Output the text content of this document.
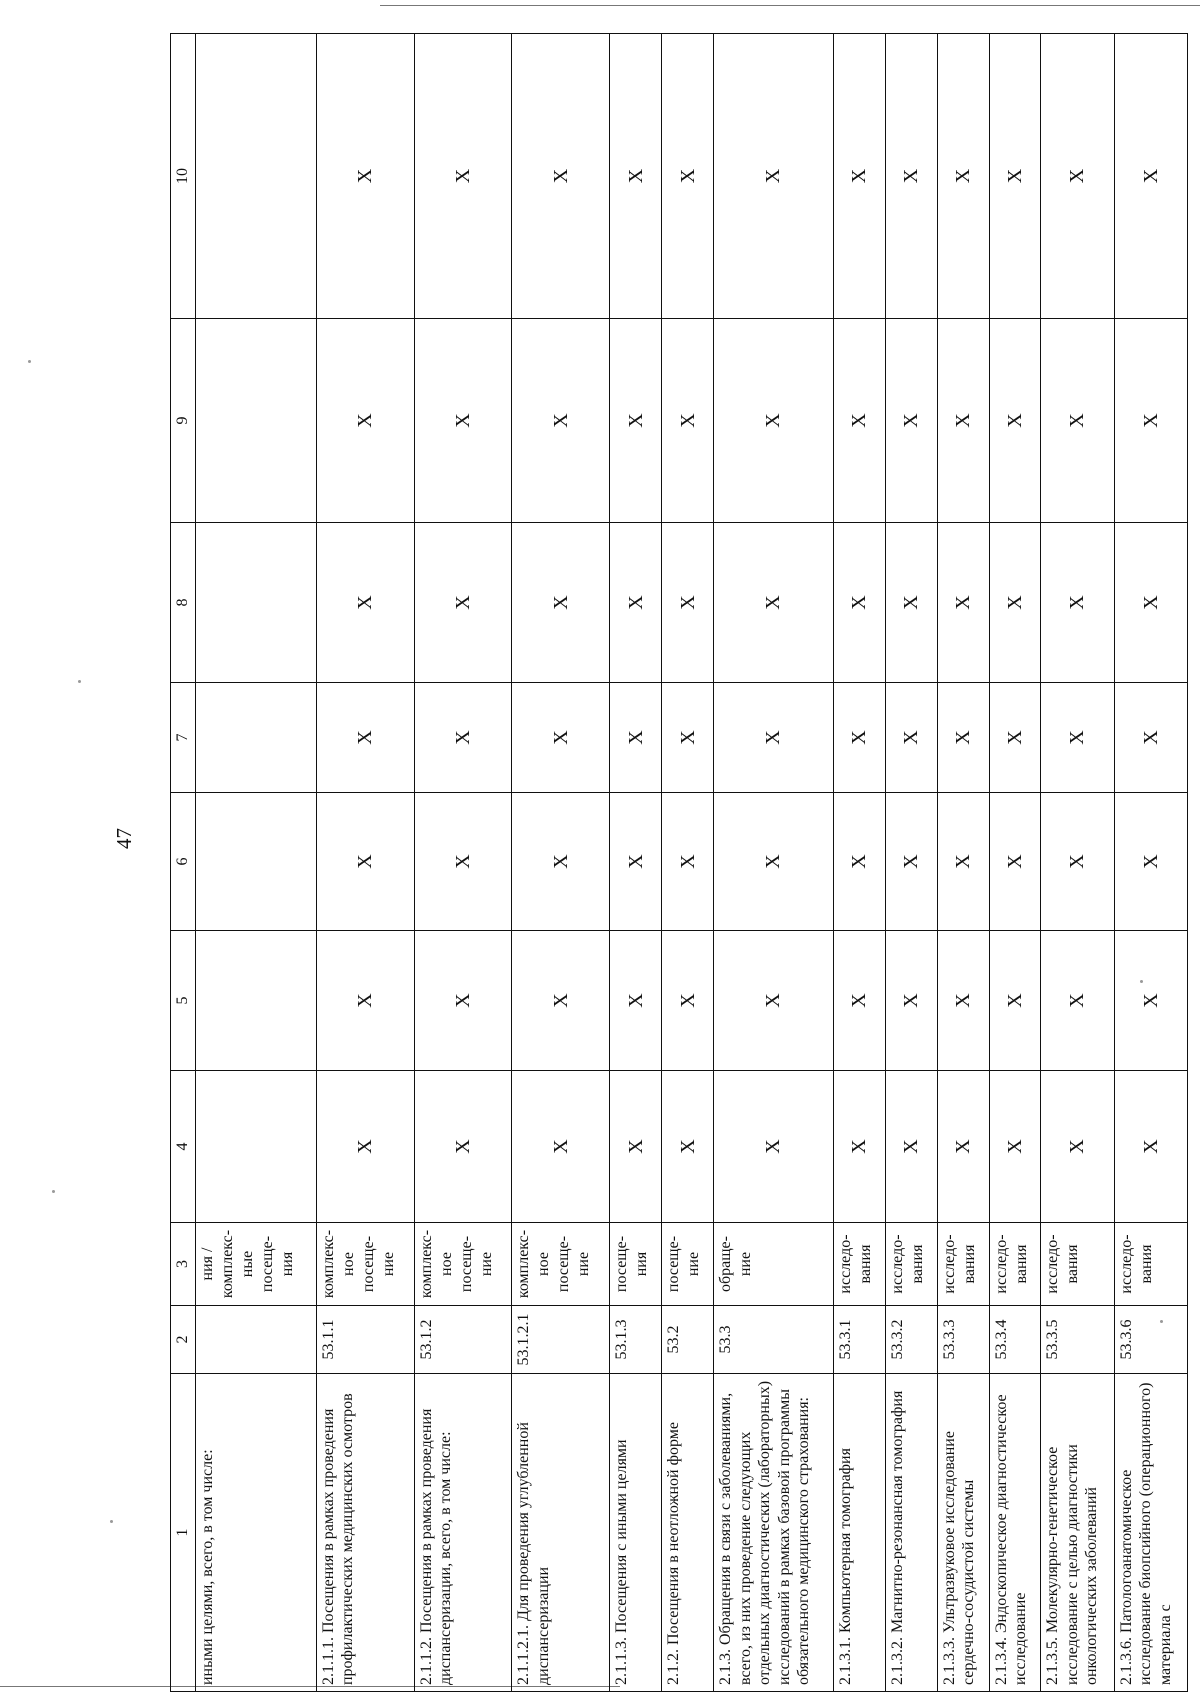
47
1	2	3	4	5	6	7	8	9	10
иными целями, всего, в том числе:		ния / комплекс-ные посеще-ния							
2.1.1.1. Посещения в рамках проведения профилактических медицинских осмотров	53.1.1	комплекс-ное посеще-ние	X	X	X	X	X	X	X
2.1.1.2. Посещения в рамках проведения диспансеризации, всего, в том числе:	53.1.2	комплекс-ное посеще-ние	X	X	X	X	X	X	X
2.1.1.2.1. Для проведения углубленной диспансеризации	53.1.2.1	комплекс-ное посеще-ние	X	X	X	X	X	X	X
2.1.1.3. Посещения с иными целями	53.1.3	посеще-ния	X	X	X	X	X	X	X
2.1.2. Посещения в неотложной форме	53.2	посеще-ние	X	X	X	X	X	X	X
2.1.3. Обращения в связи с заболеваниями, всего, из них проведение следующих отдельных диагностических (лабораторных) исследований в рамках базовой программы обязательного медицинского страхования:	53.3	обраще-ние	X	X	X	X	X	X	X
2.1.3.1. Компьютерная томография	53.3.1	исследо-вания	X	X	X	X	X	X	X
2.1.3.2. Магнитно-резонансная томография	53.3.2	исследо-вания	X	X	X	X	X	X	X
2.1.3.3. Ультразвуковое исследование сердечно-сосудистой системы	53.3.3	исследо-вания	X	X	X	X	X	X	X
2.1.3.4. Эндоскопическое диагностическое исследование	53.3.4	исследо-вания	X	X	X	X	X	X	X
2.1.3.5. Молекулярно-генетическое исследование с целью диагностики онкологических заболеваний	53.3.5	исследо-вания	X	X	X	X	X	X	X
2.1.3.6. Патологоанатомическое исследование биопсийного (операционного) материала с	53.3.6	исследо-вания	X	X	X	X	X	X	X
